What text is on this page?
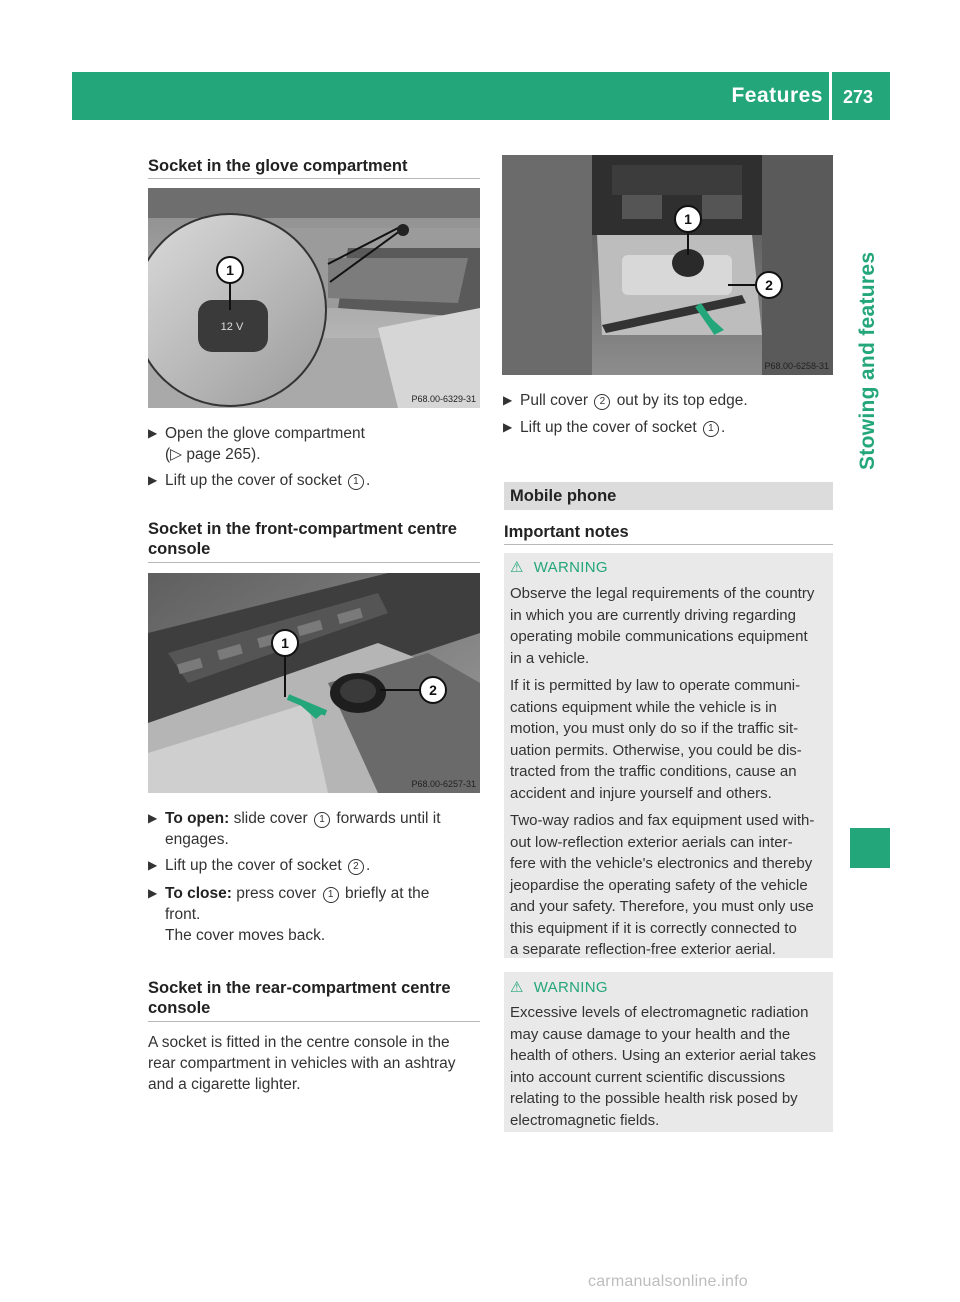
Features 273
Stowing and features
Socket in the glove compartment
12 V
1
P68.00-6329-31
▶ Open the glove compartment
(▷ page 265).
▶ Lift up the cover of socket 1 .
Socket in the front-compartment centre
console
1
2
P68.00-6257-31
▶ To open: slide cover 1 forwards until it
engages.
▶ Lift up the cover of socket 2 .
▶ To close: press cover 1 briefly at the
front.
The cover moves back.
Socket in the rear-compartment centre
console
A socket is fitted in the centre console in the
rear compartment in vehicles with an ashtray
and a cigarette lighter.
1
2
P68.00-6258-31
▶ Pull cover 2 out by its top edge.
▶ Lift up the cover of socket 1 .
Mobile phone
Important notes
⚠ WARNING

Observe the legal requirements of the country
in which you are currently driving regarding
operating mobile communications equipment
in a vehicle.

If it is permitted by law to operate communi-
cations equipment while the vehicle is in
motion, you must only do so if the traffic sit-
uation permits. Otherwise, you could be dis-
tracted from the traffic conditions, cause an
accident and injure yourself and others.

Two-way radios and fax equipment used with-
out low-reflection exterior aerials can inter-
fere with the vehicle's electronics and thereby
jeopardise the operating safety of the vehicle
and your safety. Therefore, you must only use
this equipment if it is correctly connected to
a separate reflection-free exterior aerial.

⚠ WARNING

Excessive levels of electromagnetic radiation
may cause damage to your health and the
health of others. Using an exterior aerial takes
into account current scientific discussions
relating to the possible health risk posed by
electromagnetic fields.

carmanualsonline.info
